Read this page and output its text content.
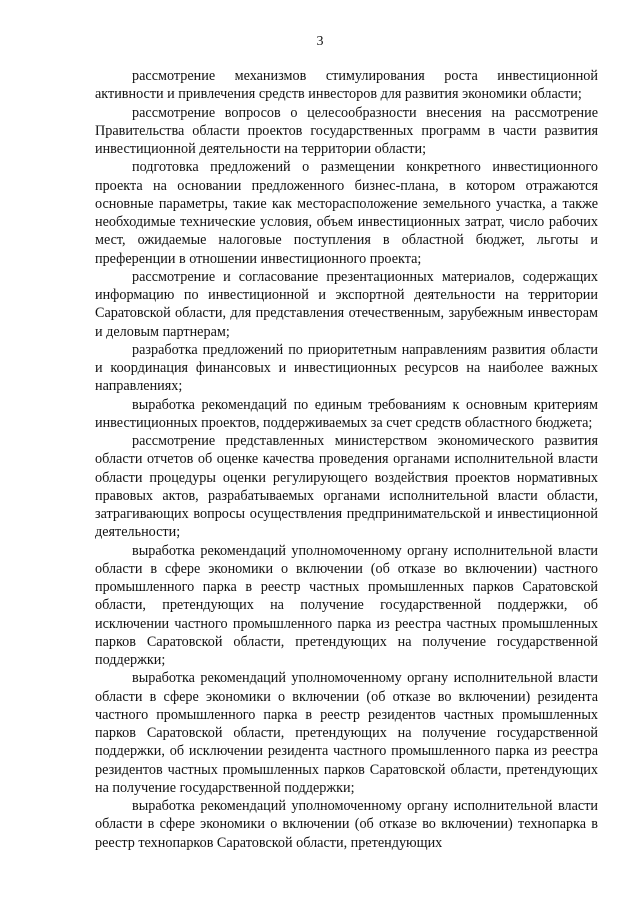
3

рассмотрение механизмов стимулирования роста инвестиционной активности и привлечения средств инвесторов для развития экономики области;

рассмотрение вопросов о целесообразности внесения на рассмотрение Правительства области проектов государственных программ в части развития инвестиционной деятельности на территории области;

подготовка предложений о размещении конкретного инвестиционного проекта на основании предложенного бизнес-плана, в котором отражаются основные параметры, такие как месторасположение земельного участка, а также необходимые технические условия, объем инвестиционных затрат, число рабочих мест, ожидаемые налоговые поступления в областной бюджет, льготы и преференции в отношении инвестиционного проекта;

рассмотрение и согласование презентационных материалов, содержащих информацию по инвестиционной и экспортной деятельности на территории Саратовской области, для представления отечественным, зарубежным инвесторам и деловым партнерам;

разработка предложений по приоритетным направлениям развития области и координация финансовых и инвестиционных ресурсов на наиболее важных направлениях;

выработка рекомендаций по единым требованиям к основным критериям инвестиционных проектов, поддерживаемых за счет средств областного бюджета;

рассмотрение представленных министерством экономического развития области отчетов об оценке качества проведения органами исполнительной власти области процедуры оценки регулирующего воздействия проектов нормативных правовых актов, разрабатываемых органами исполнительной власти области, затрагивающих вопросы осуществления предпринимательской и инвестиционной деятельности;

выработка рекомендаций уполномоченному органу исполнительной власти области в сфере экономики о включении (об отказе во включении) частного промышленного парка в реестр частных промышленных парков Саратовской области, претендующих на получение государственной поддержки, об исключении частного промышленного парка из реестра частных промышленных парков Саратовской области, претендующих на получение государственной поддержки;

выработка рекомендаций уполномоченному органу исполнительной власти области в сфере экономики о включении (об отказе во включении) резидента частного промышленного парка в реестр резидентов частных промышленных парков Саратовской области, претендующих на получение государственной поддержки, об исключении резидента частного промышленного парка из реестра резидентов частных промышленных парков Саратовской области, претендующих на получение государственной поддержки;

выработка рекомендаций уполномоченному органу исполнительной власти области в сфере экономики о включении (об отказе во включении) технопарка в реестр технопарков Саратовской области, претендующих
